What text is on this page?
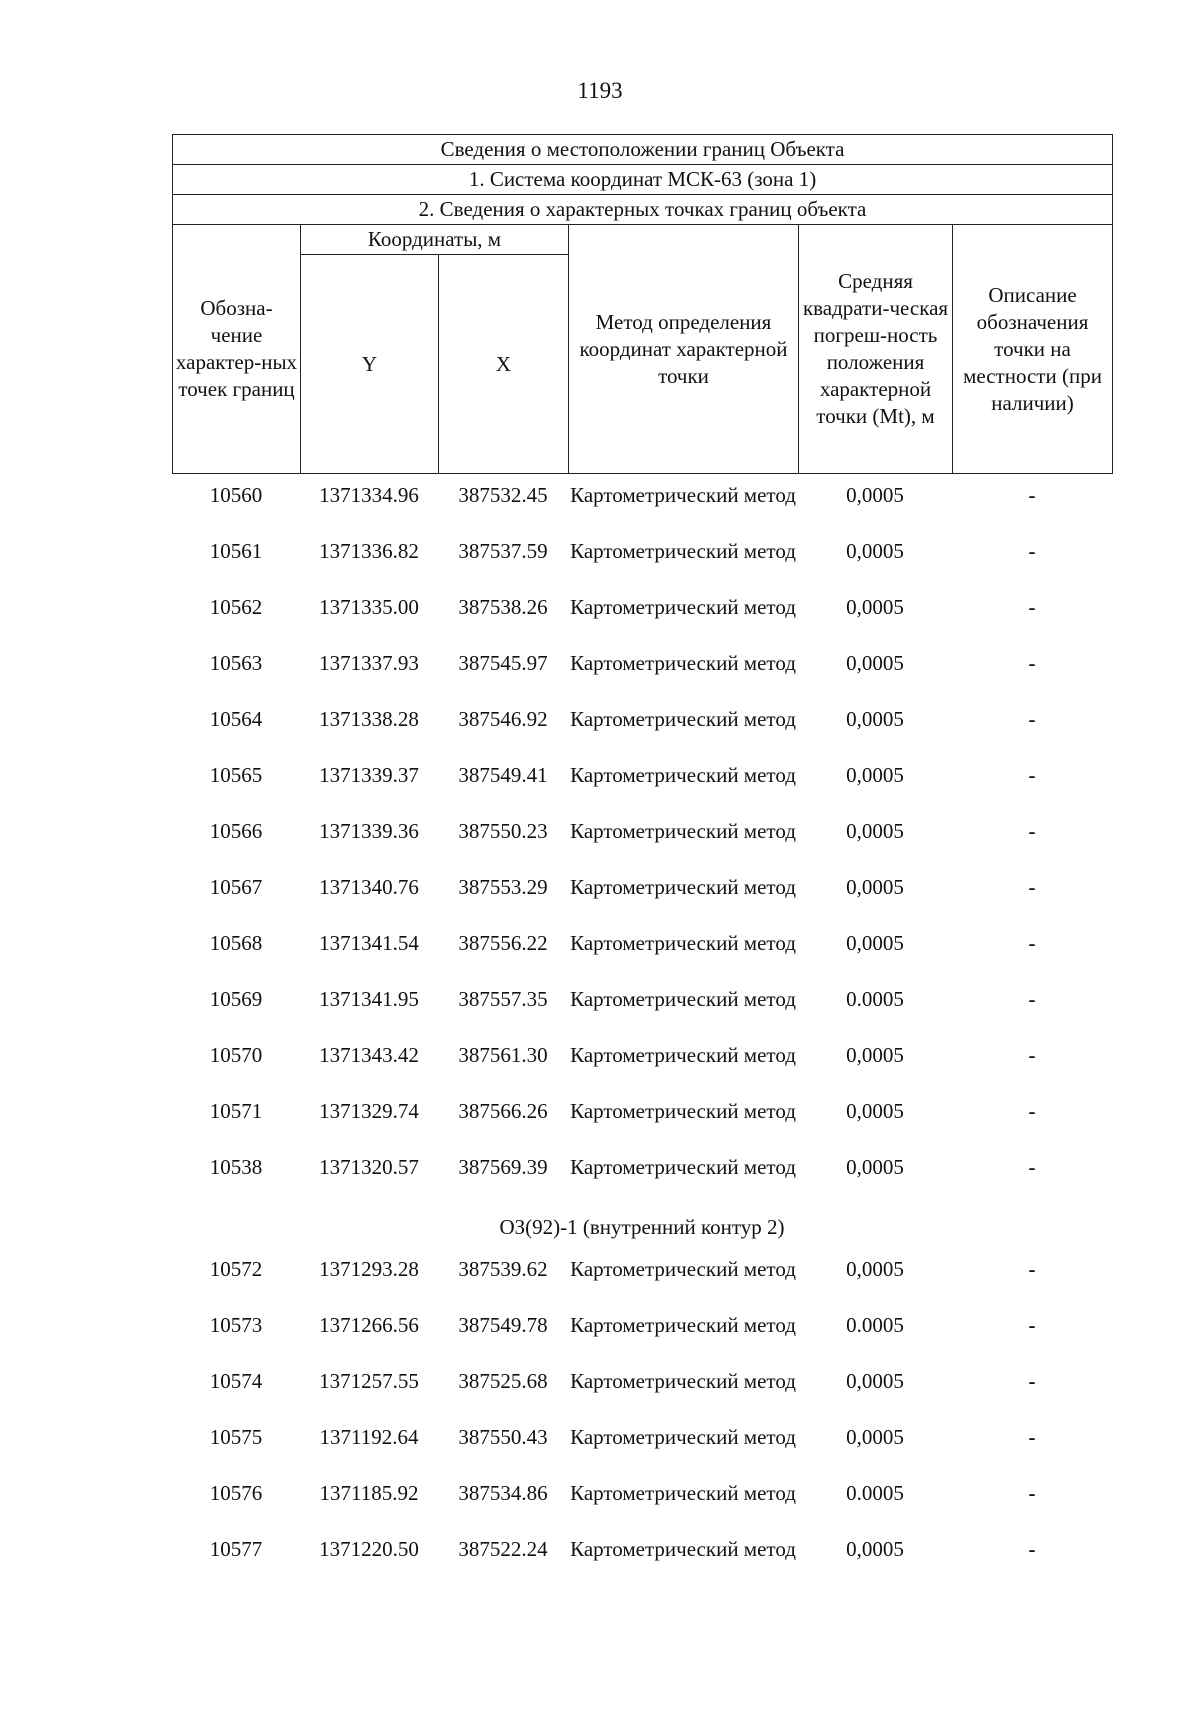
1193
Сведения о местоположении границ Объекта					
1. Система координат МСК-63 (зона 1)					
2. Сведения о характерных точках границ объекта					
Обозна-чение характер-ных точек границ	Координаты, м		Метод определения координат характерной точки	Средняя квадрати-ческая погреш-ность положения характерной точки (Mt), м	Описание обозначения точки на местности (при наличии)
	Y	X			
10560	1371334.96	387532.45	Картометрический метод	0,0005	-
10561	1371336.82	387537.59	Картометрический метод	0,0005	-
10562	1371335.00	387538.26	Картометрический метод	0,0005	-
10563	1371337.93	387545.97	Картометрический метод	0,0005	-
10564	1371338.28	387546.92	Картометрический метод	0,0005	-
10565	1371339.37	387549.41	Картометрический метод	0,0005	-
10566	1371339.36	387550.23	Картометрический метод	0,0005	-
10567	1371340.76	387553.29	Картометрический метод	0,0005	-
10568	1371341.54	387556.22	Картометрический метод	0,0005	-
10569	1371341.95	387557.35	Картометрический метод	0.0005	-
10570	1371343.42	387561.30	Картометрический метод	0,0005	-
10571	1371329.74	387566.26	Картометрический метод	0,0005	-
10538	1371320.57	387569.39	Картометрический метод	0,0005	-
ОЗ(92)-1 (внутренний контур 2)					
10572	1371293.28	387539.62	Картометрический метод	0,0005	-
10573	1371266.56	387549.78	Картометрический метод	0.0005	-
10574	1371257.55	387525.68	Картометрический метод	0,0005	-
10575	1371192.64	387550.43	Картометрический метод	0,0005	-
10576	1371185.92	387534.86	Картометрический метод	0.0005	-
10577	1371220.50	387522.24	Картометрический метод	0,0005	-
